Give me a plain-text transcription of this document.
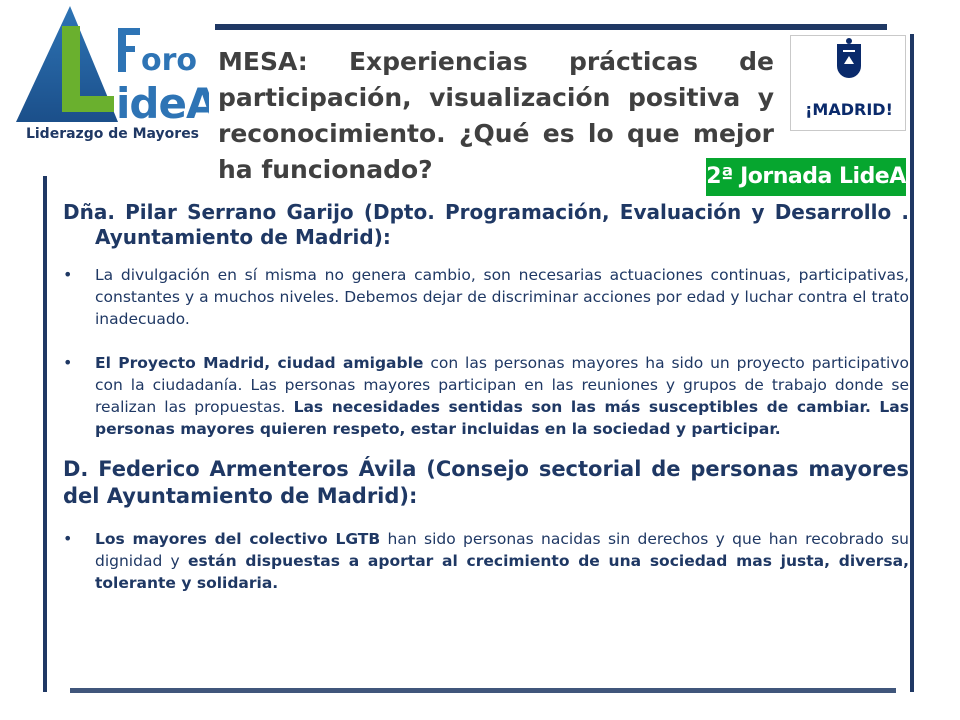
oro
ideA
Liderazgo de Mayores

MESA: Experiencias prácticas de participación, visualización positiva y reconocimiento. ¿Qué es lo que mejor ha funcionado?

¡MADRID!
2ª Jornada LideA

Dña. Pilar Serrano Garijo (Dpto. Programación, Evaluación y Desarrollo . Ayuntamiento de Madrid):

• La divulgación en sí misma no genera cambio, son necesarias actuaciones continuas, participativas, constantes y a muchos niveles. Debemos dejar de discriminar acciones por edad y luchar contra el trato inadecuado.
• El Proyecto Madrid, ciudad amigable con las personas mayores ha sido un proyecto participativo con la ciudadanía. Las personas mayores participan en las reuniones y grupos de trabajo donde se realizan las propuestas. Las necesidades sentidas son las más susceptibles de cambiar. Las personas mayores quieren respeto, estar incluidas en la sociedad y participar.

D. Federico Armenteros Ávila (Consejo sectorial de personas mayores del Ayuntamiento de Madrid):

• Los mayores del colectivo LGTB han sido personas nacidas sin derechos y que han recobrado su dignidad y están dispuestas a aportar al crecimiento de una sociedad mas justa, diversa, tolerante y solidaria.
